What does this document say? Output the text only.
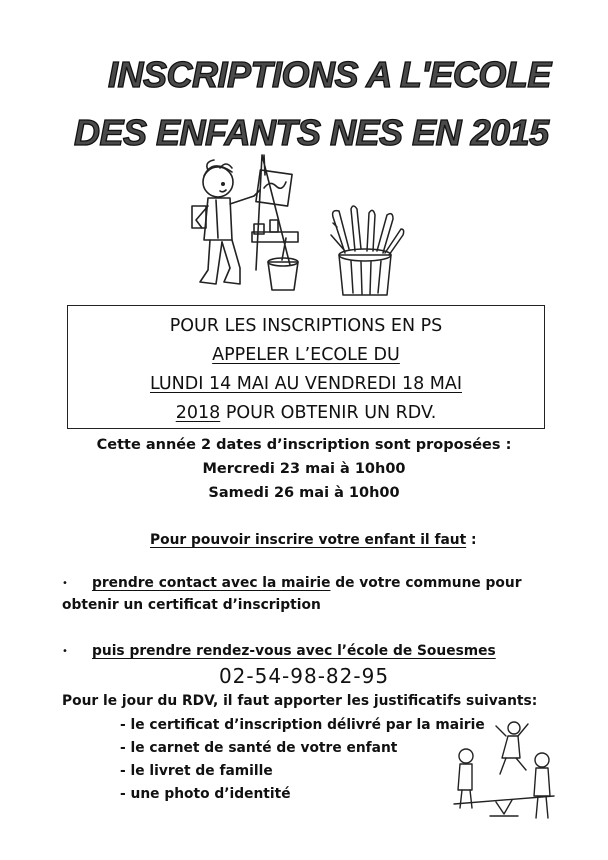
INSCRIPTIONS A L'ECOLE
DES ENFANTS NES EN 2015
POUR LES INSCRIPTIONS EN PS
APPELER L’ECOLE DU
LUNDI 14 MAI AU VENDREDI 18 MAI
2018 POUR OBTENIR UN RDV.
Cette année 2 dates d’inscription sont proposées :
Mercredi 23 mai à 10h00
Samedi 26 mai à 10h00
Pour pouvoir inscrire votre enfant il faut :
• prendre contact avec la mairie de votre commune pour
obtenir un certificat d’inscription
• puis prendre rendez-vous avec l’école de Souesmes
02-54-98-82-95
Pour le jour du RDV, il faut apporter les justificatifs suivants:
- le certificat d’inscription délivré par la mairie
- le carnet de santé de votre enfant
- le livret de famille
- une photo d’identité
